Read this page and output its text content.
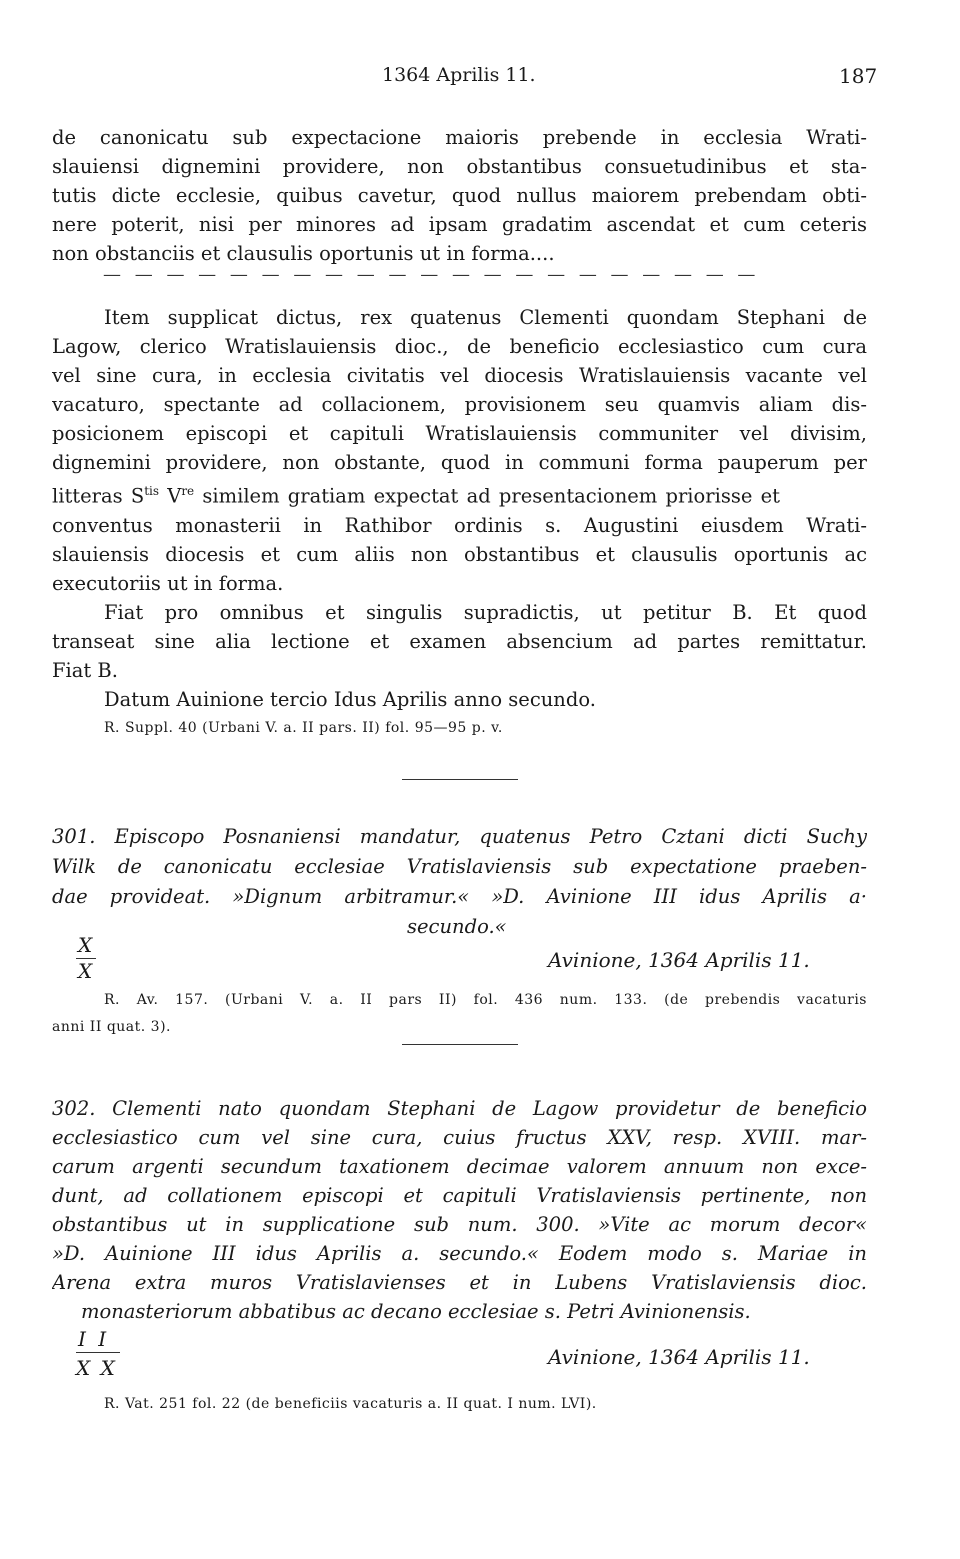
1364 Aprilis 11.	187
de canonicatu sub expectacione maioris prebende in ecclesia Wrati-
slauiensi dignemini providere, non obstantibus consuetudinibus et sta-
tutis dicte ecclesie, quibus cavetur, quod nullus maiorem prebendam obti-
nere poterit, nisi per minores ad ipsam gradatim ascendat et cum ceteris
non obstanciis et clausulis oportunis ut in forma....
— — — — — — — — — — — — — — — — — — — — —
Item supplicat dictus, rex quatenus Clementi quondam Stephani de
Lagow, clerico Wratislauiensis dioc., de beneficio ecclesiastico cum cura
vel sine cura, in ecclesia civitatis vel diocesis Wratislauiensis vacante vel
vacaturo, spectante ad collacionem, provisionem seu quamvis aliam dis-
posicionem episcopi et capituli Wratislauiensis communiter vel divisim,
dignemini providere, non obstante, quod in communi forma pauperum per
litteras $S^{tis}$ Vre similem gratiam expectat ad presentacionem priorisse et
conventus monasterii in Rathibor ordinis s. Augustini eiusdem Wrati-
slauiensis diocesis et cum aliis non obstantibus et clausulis oportunis ac
executoriis ut in forma.
Fiat pro omnibus et singulis supradictis, ut petitur B. Et quod
transeat sine alia lectione et examen absencium ad partes remittatur.
Fiat B.
Datum Auinione tercio Idus Aprilis anno secundo.
R. Suppl. 40 (Urbani V. a. II pars. II) fol. 95—95 p. v.
301. Episcopo Posnaniensi mandatur, quatenus Petro Cztani dicti Suchy
Wilk de canonicatu ecclesiae Vratislaviensis sub expectatione praeben-
dae provideat. »Dignum arbitramur.« »D. Avinione III idus Aprilis a·
secundo.«
X
X	Avinione, 1364 Aprilis 11.
R. Av. 157. (Urbani V. a. II pars II) fol. 436 num. 133. (de prebendis vacaturis
anni II quat. 3).
302. Clementi nato quondam Stephani de Lagow providetur de beneficio
ecclesiastico cum vel sine cura, cuius fructus XXV, resp. XVIII. mar-
carum argenti secundum taxationem decimae valorem annuum non exce-
dunt, ad collationem episcopi et capituli Vratislaviensis pertinente, non
obstantibus ut in supplicatione sub num. 300. »Vite ac morum decor«
»D. Auinione III idus Aprilis a. secundo.« Eodem modo s. Mariae in
Arena extra muros Vratislavienses et in Lubens Vratislaviensis dioc.
monasteriorum abbatibus ac decano ecclesiae s. Petri Avinionensis.
I I
X X	Avinione, 1364 Aprilis 11.
R. Vat. 251 fol. 22 (de beneficiis vacaturis a. II quat. I num. LVI).
